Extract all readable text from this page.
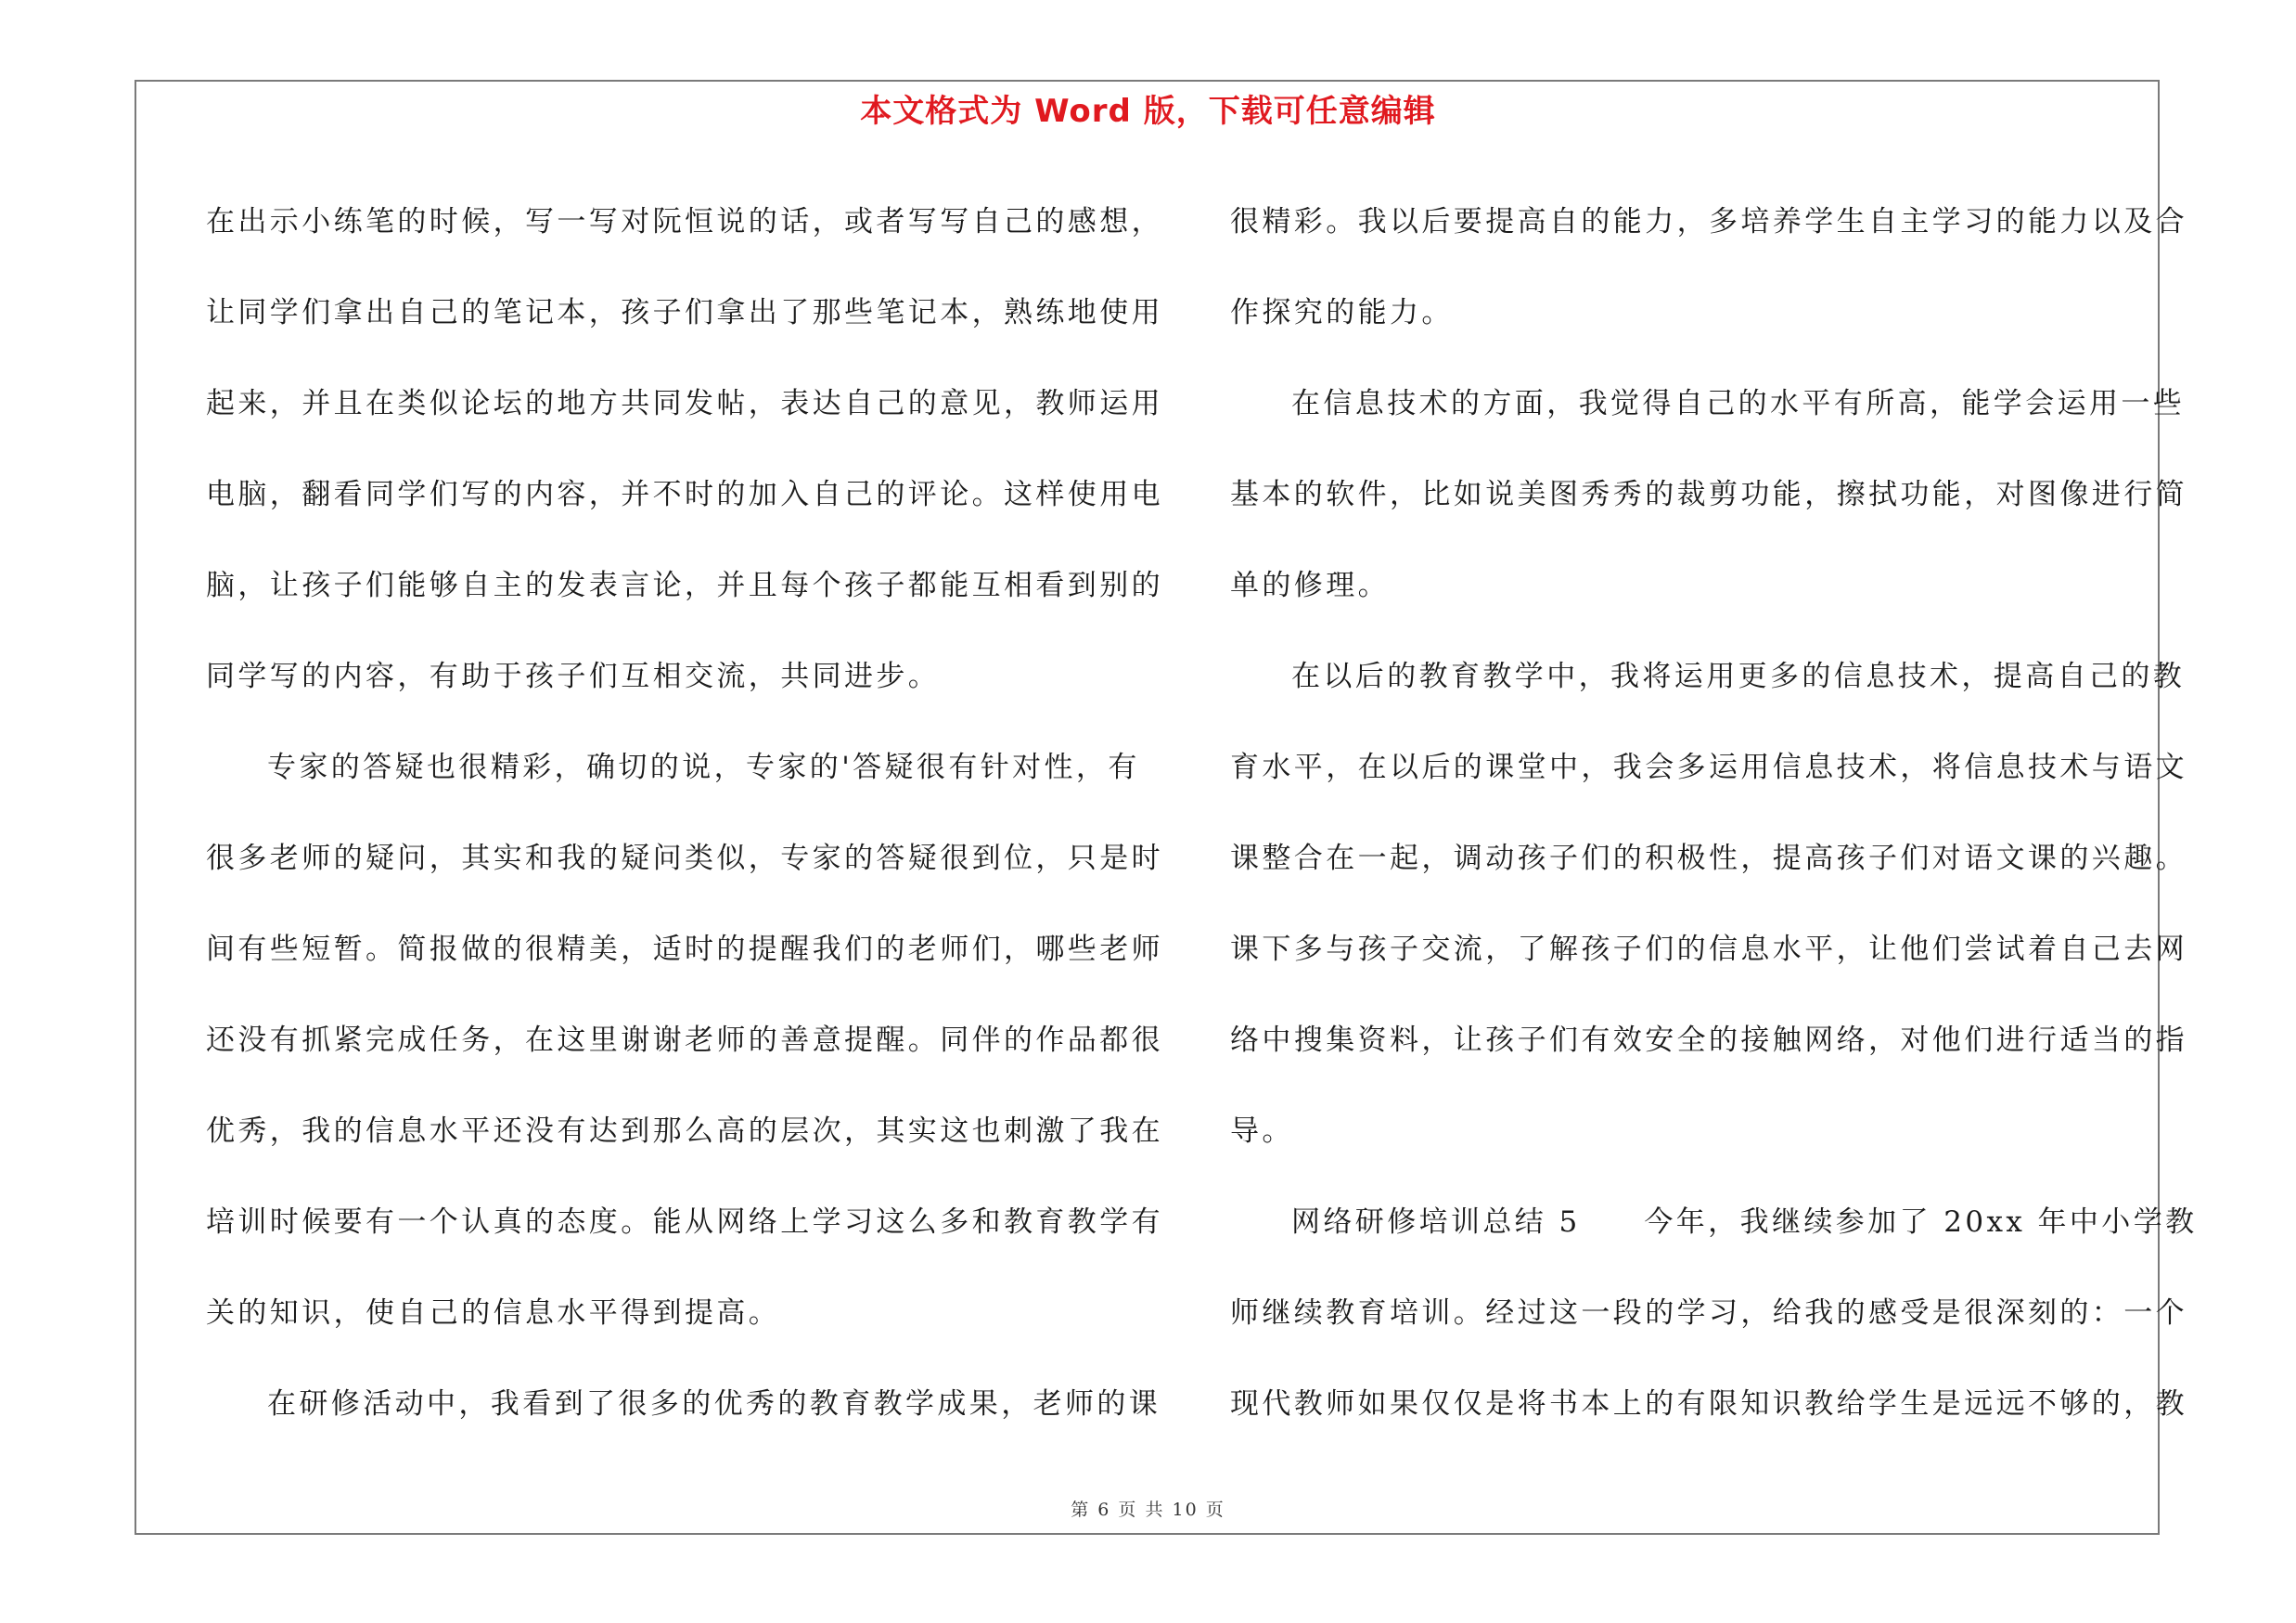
本文格式为 Word 版，下载可任意编辑
在出示小练笔的时候，写一写对阮恒说的话，或者写写自己的感想，
让同学们拿出自己的笔记本，孩子们拿出了那些笔记本，熟练地使用
起来，并且在类似论坛的地方共同发帖，表达自己的意见，教师运用
电脑，翻看同学们写的内容，并不时的加入自己的评论。这样使用电
脑，让孩子们能够自主的发表言论，并且每个孩子都能互相看到别的
同学写的内容，有助于孩子们互相交流，共同进步。
专家的答疑也很精彩，确切的说，专家的'答疑很有针对性，有
很多老师的疑问，其实和我的疑问类似，专家的答疑很到位，只是时
间有些短暂。简报做的很精美，适时的提醒我们的老师们，哪些老师
还没有抓紧完成任务，在这里谢谢老师的善意提醒。同伴的作品都很
优秀，我的信息水平还没有达到那么高的层次，其实这也刺激了我在
培训时候要有一个认真的态度。能从网络上学习这么多和教育教学有
关的知识，使自己的信息水平得到提高。
在研修活动中，我看到了很多的优秀的教育教学成果，老师的课
很精彩。我以后要提高自的能力，多培养学生自主学习的能力以及合
作探究的能力。
在信息技术的方面，我觉得自己的水平有所高，能学会运用一些
基本的软件，比如说美图秀秀的裁剪功能，擦拭功能，对图像进行简
单的修理。
在以后的教育教学中，我将运用更多的信息技术，提高自己的教
育水平，在以后的课堂中，我会多运用信息技术，将信息技术与语文
课整合在一起，调动孩子们的积极性，提高孩子们对语文课的兴趣。
课下多与孩子交流，了解孩子们的信息水平，让他们尝试着自己去网
络中搜集资料，让孩子们有效安全的接触网络，对他们进行适当的指
导。
网络研修培训总结 5　　今年，我继续参加了 20xx 年中小学教
师继续教育培训。经过这一段的学习，给我的感受是很深刻的：一个
现代教师如果仅仅是将书本上的有限知识教给学生是远远不够的，教
第 6 页 共 10 页
